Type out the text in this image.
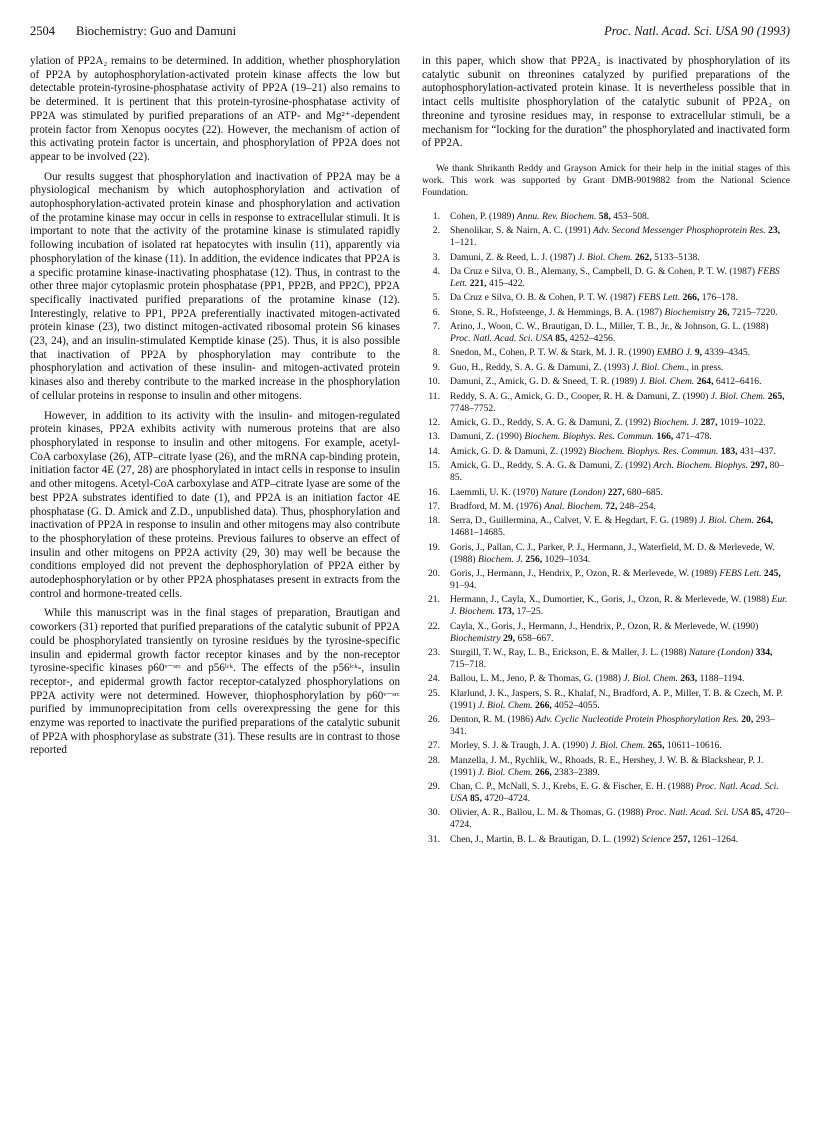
2504 Biochemistry: Guo and Damuni	Proc. Natl. Acad. Sci. USA 90 (1993)

ylation of PP2A₂ remains to be determined. In addition, whether phosphorylation of PP2A by autophosphorylation-activated protein kinase affects the low but detectable protein-tyrosine-phosphatase activity of PP2A (19–21) also remains to be determined. It is pertinent that this protein-tyrosine-phosphatase activity of PP2A was stimulated by purified preparations of an ATP- and Mg²⁺-dependent protein factor from Xenopus oocytes (22). However, the mechanism of action of this activating protein factor is uncertain, and phosphorylation of PP2A does not appear to be involved (22).

Our results suggest that phosphorylation and inactivation of PP2A may be a physiological mechanism by which autophosphorylation and activation of autophosphorylation-activated protein kinase and phosphorylation and activation of the protamine kinase may occur in cells in response to extracellular stimuli. It is important to note that the activity of the protamine kinase is stimulated rapidly following incubation of isolated rat hepatocytes with insulin (11), apparently via phosphorylation of the kinase (11). In addition, the evidence indicates that PP2A is a specific protamine kinase-inactivating phosphatase (12). Thus, in contrast to the other three major cytoplasmic protein phosphatase (PP1, PP2B, and PP2C), PP2A specifically inactivated purified preparations of the protamine kinase (12). Interestingly, relative to PP1, PP2A preferentially inactivated mitogen-activated protein kinase (23), two distinct mitogen-activated ribosomal protein S6 kinases (23, 24), and an insulin-stimulated Kemptide kinase (25). Thus, it is also possible that inactivation of PP2A by phosphorylation may contribute to the phosphorylation and activation of these insulin- and mitogen-activated protein kinases also and thereby contribute to the marked increase in the phosphorylation of cellular proteins in response to insulin and other mitogens.

However, in addition to its activity with the insulin- and mitogen-regulated protein kinases, PP2A exhibits activity with numerous proteins that are also phosphorylated in response to insulin and other mitogens. For example, acetyl-CoA carboxylase (26), ATP–citrate lyase (26), and the mRNA cap-binding protein, initiation factor 4E (27, 28) are phosphorylated in intact cells in response to insulin and other mitogens. Acetyl-CoA carboxylase and ATP–citrate lyase are some of the best PP2A substrates identified to date (1), and PP2A is an initiation factor 4E phosphatase (G. D. Amick and Z.D., unpublished data). Thus, phosphorylation and inactivation of PP2A in response to insulin and other mitogens may also contribute to the phosphorylation of these proteins. Previous failures to observe an effect of insulin and other mitogens on PP2A activity (29, 30) may well be because the conditions employed did not prevent the dephosphorylation of PP2A either by autodephosphorylation or by other PP2A phosphatases present in extracts from the control and hormone-treated cells.

While this manuscript was in the final stages of preparation, Brautigan and coworkers (31) reported that purified preparations of the catalytic subunit of PP2A could be phosphorylated transiently on tyrosine residues by the tyrosine-specific insulin and epidermal growth factor receptor kinases and by the non-receptor tyrosine-specific kinases p60ᵛ⁻ˢʳᶜ and p56ˡᶜᵏ. The effects of the p56ˡᶜᵏ-, insulin receptor-, and epidermal growth factor receptor-catalyzed phosphorylations on PP2A activity were not determined. However, thiophosphorylation by p60ᵛ⁻ˢʳᶜ purified by immunoprecipitation from cells overexpressing the gene for this enzyme was reported to inactivate the purified preparations of the catalytic subunit of PP2A with phosphorylase as substrate (31). These results are in contrast to those reported

in this paper, which show that PP2A₂ is inactivated by phosphorylation of its catalytic subunit on threonines catalyzed by purified preparations of the autophosphorylation-activated protein kinase. It is nevertheless possible that in intact cells multisite phosphorylation of the catalytic subunit of PP2A₂ on threonine and tyrosine residues may, in response to extracellular stimuli, be a mechanism for “locking for the duration” the phosphorylated and inactivated form of PP2A.

We thank Shrikanth Reddy and Grayson Amick for their help in the initial stages of this work. This work was supported by Grant DMB-9019882 from the National Science Foundation.

1. Cohen, P. (1989) Annu. Rev. Biochem. 58, 453–508.
2. Shenolikar, S. & Nairn, A. C. (1991) Adv. Second Messenger Phosphoprotein Res. 23, 1–121.
3. Damuni, Z. & Reed, L. J. (1987) J. Biol. Chem. 262, 5133–5138.
4. Da Cruz e Silva, O. B., Alemany, S., Campbell, D. G. & Cohen, P. T. W. (1987) FEBS Lett. 221, 415–422.
5. Da Cruz e Silva, O. B. & Cohen, P. T. W. (1987) FEBS Lett. 266, 176–178.
6. Stone, S. R., Hofsteenge, J. & Hemmings, B. A. (1987) Biochemistry 26, 7215–7220.
7. Arino, J., Woon, C. W., Brautigan, D. L., Miller, T. B., Jr., & Johnson, G. L. (1988) Proc. Natl. Acad. Sci. USA 85, 4252–4256.
8. Snedon, M., Cohen, P. T. W. & Stark, M. J. R. (1990) EMBO J. 9, 4339–4345.
9. Guo, H., Reddy, S. A. G. & Damuni, Z. (1993) J. Biol. Chem., in press.
10. Damuni, Z., Amick, G. D. & Sneed, T. R. (1989) J. Biol. Chem. 264, 6412–6416.
11. Reddy, S. A. G., Amick, G. D., Cooper, R. H. & Damuni, Z. (1990) J. Biol. Chem. 265, 7748–7752.
12. Amick, G. D., Reddy, S. A. G. & Damuni, Z. (1992) Biochem. J. 287, 1019–1022.
13. Damuni, Z. (1990) Biochem. Biophys. Res. Commun. 166, 471–478.
14. Amick, G. D. & Damuni, Z. (1992) Biochem. Biophys. Res. Commun. 183, 431–437.
15. Amick, G. D., Reddy, S. A. G. & Damuni, Z. (1992) Arch. Biochem. Biophys. 297, 80–85.
16. Laemmli, U. K. (1970) Nature (London) 227, 680–685.
17. Bradford, M. M. (1976) Anal. Biochem. 72, 248–254.
18. Serra, D., Guillermina, A., Calvet, V. E. & Hegdart, F. G. (1989) J. Biol. Chem. 264, 14681–14685.
19. Goris, J., Pallan, C. J., Parker, P. J., Hermann, J., Waterfield, M. D. & Merlevede, W. (1988) Biochem. J. 256, 1029–1034.
20. Goris, J., Hermann, J., Hendrix, P., Ozon, R. & Merlevede, W. (1989) FEBS Lett. 245, 91–94.
21. Hermann, J., Cayla, X., Dumortier, K., Goris, J., Ozon, R. & Merlevede, W. (1988) Eur. J. Biochem. 173, 17–25.
22. Cayla, X., Goris, J., Hermann, J., Hendrix, P., Ozon, R. & Merlevede, W. (1990) Biochemistry 29, 658–667.
23. Sturgill, T. W., Ray, L. B., Erickson, E. & Maller, J. L. (1988) Nature (London) 334, 715–718.
24. Ballou, L. M., Jeno, P. & Thomas, G. (1988) J. Biol. Chem. 263, 1188–1194.
25. Klarlund, J. K., Jaspers, S. R., Khalaf, N., Bradford, A. P., Miller, T. B. & Czech, M. P. (1991) J. Biol. Chem. 266, 4052–4055.
26. Denton, R. M. (1986) Adv. Cyclic Nucleotide Protein Phosphorylation Res. 20, 293–341.
27. Morley, S. J. & Traugh, J. A. (1990) J. Biol. Chem. 265, 10611–10616.
28. Manzella, J. M., Rychlik, W., Rhoads, R. E., Hershey, J. W. B. & Blackshear, P. J. (1991) J. Biol. Chem. 266, 2383–2389.
29. Chan, C. P., McNall, S. J., Krebs, E. G. & Fischer, E. H. (1988) Proc. Natl. Acad. Sci. USA 85, 4720–4724.
30. Olivier, A. R., Ballou, L. M. & Thomas, G. (1988) Proc. Natl. Acad. Sci. USA 85, 4720–4724.
31. Chen, J., Martin, B. L. & Brautigan, D. L. (1992) Science 257, 1261–1264.
